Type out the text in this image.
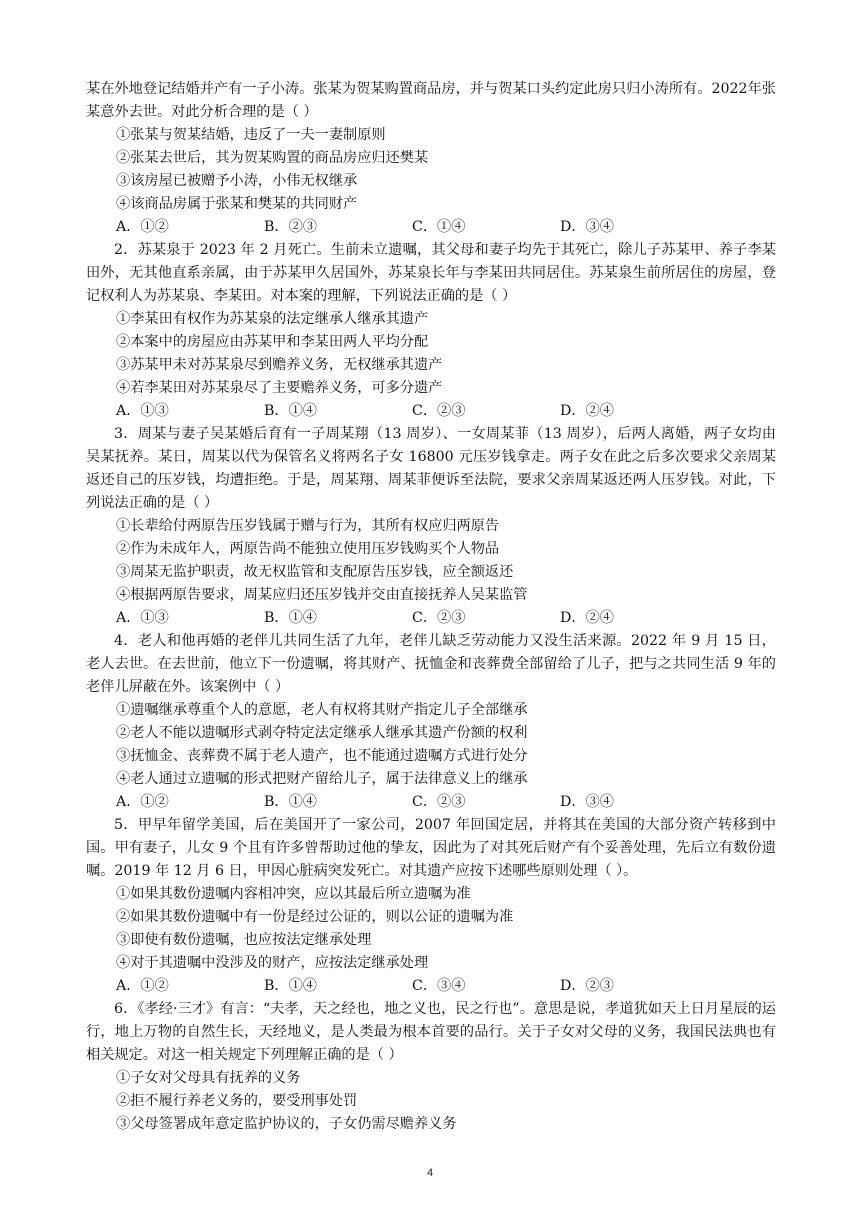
某在外地登记结婚并产有一子小涛。张某为贺某购置商品房，并与贺某口头约定此房只归小涛所有。2022年张某意外去世。对此分析合理的是（ ）

①张某与贺某结婚，违反了一夫一妻制原则

②张某去世后，其为贺某购置的商品房应归还樊某

③该房屋已被赠予小涛，小伟无权继承

④该商品房属于张某和樊某的共同财产

A．①②	B．②③	C．①④	D．③④

2．苏某泉于 2023 年 2 月死亡。生前未立遗嘱，其父母和妻子均先于其死亡，除儿子苏某甲、养子李某田外，无其他直系亲属，由于苏某甲久居国外，苏某泉长年与李某田共同居住。苏某泉生前所居住的房屋，登记权利人为苏某泉、李某田。对本案的理解，下列说法正确的是（ ）

①李某田有权作为苏某泉的法定继承人继承其遗产

②本案中的房屋应由苏某甲和李某田两人平均分配

③苏某甲未对苏某泉尽到赡养义务，无权继承其遗产

④若李某田对苏某泉尽了主要赡养义务，可多分遗产

A．①③	B．①④	C．②③	D．②④

3．周某与妻子吴某婚后育有一子周某翔（13 周岁）、一女周某菲（13 周岁），后两人离婚，两子女均由吴某抚养。某日，周某以代为保管名义将两名子女 16800 元压岁钱拿走。两子女在此之后多次要求父亲周某返还自己的压岁钱，均遭拒绝。于是，周某翔、周某菲便诉至法院，要求父亲周某返还两人压岁钱。对此，下列说法正确的是（ ）

①长辈给付两原告压岁钱属于赠与行为，其所有权应归两原告

②作为未成年人，两原告尚不能独立使用压岁钱购买个人物品

③周某无监护职责，故无权监管和支配原告压岁钱，应全额返还

④根据两原告要求，周某应归还压岁钱并交由直接抚养人吴某监管

A．①③	B．①④	C．②③	D．②④

4．老人和他再婚的老伴儿共同生活了九年，老伴儿缺乏劳动能力又没生活来源。2022 年 9 月 15 日，老人去世。在去世前，他立下一份遗嘱，将其财产、抚恤金和丧葬费全部留给了儿子，把与之共同生活 9 年的老伴儿屏蔽在外。该案例中（ ）

①遗嘱继承尊重个人的意愿，老人有权将其财产指定儿子全部继承

②老人不能以遗嘱形式剥夺特定法定继承人继承其遗产份额的权利

③抚恤金、丧葬费不属于老人遗产，也不能通过遗嘱方式进行处分

④老人通过立遗嘱的形式把财产留给儿子，属于法律意义上的继承

A．①②	B．①④	C．②③	D．③④

5．甲早年留学美国，后在美国开了一家公司，2007 年回国定居，并将其在美国的大部分资产转移到中国。甲有妻子，儿女 9 个且有许多曾帮助过他的挚友，因此为了对其死后财产有个妥善处理，先后立有数份遗嘱。2019 年 12 月 6 日，甲因心脏病突发死亡。对其遗产应按下述哪些原则处理（ ）。

①如果其数份遗嘱内容相冲突，应以其最后所立遗嘱为准

②如果其数份遗嘱中有一份是经过公证的，则以公证的遗嘱为准

③即使有数份遗嘱，也应按法定继承处理

④对于其遗嘱中没涉及的财产，应按法定继承处理

A．①②	B．①④	C．③④	D．②③

6．《孝经·三才》有言：“夫孝，天之经也，地之义也，民之行也”。意思是说，孝道犹如天上日月星辰的运行，地上万物的自然生长，天经地义，是人类最为根本首要的品行。关于子女对父母的义务，我国民法典也有相关规定。对这一相关规定下列理解正确的是（ ）

①子女对父母具有抚养的义务

②拒不履行养老义务的，要受刑事处罚

③父母签署成年意定监护协议的，子女仍需尽赡养义务

4
